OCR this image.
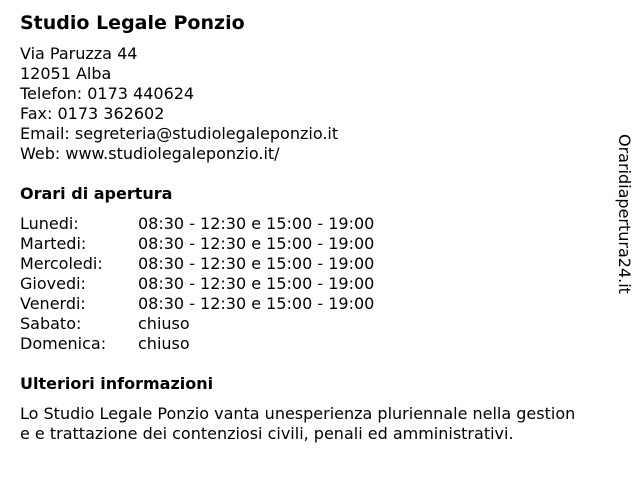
Studio Legale Ponzio
Via Paruzza 44
12051 Alba
Telefon: 0173 440624
Fax: 0173 362602
Email: segreteria@studiolegaleponzio.it
Web: www.studiolegaleponzio.it/
Orari di apertura
Lunedi:	08:30 - 12:30 e 15:00 - 19:00
Martedi:	08:30 - 12:30 e 15:00 - 19:00
Mercoledi: 08:30 - 12:30 e 15:00 - 19:00
Giovedi:	08:30 - 12:30 e 15:00 - 19:00
Venerdi:	08:30 - 12:30 e 15:00 - 19:00
Sabato:	chiuso
Domenica: chiuso
Ulteriori informazioni
Lo Studio Legale Ponzio vanta unesperienza pluriennale nella gestion
e e trattazione dei contenziosi civili, penali ed amministrativi.
Oraridiapertura24.it
